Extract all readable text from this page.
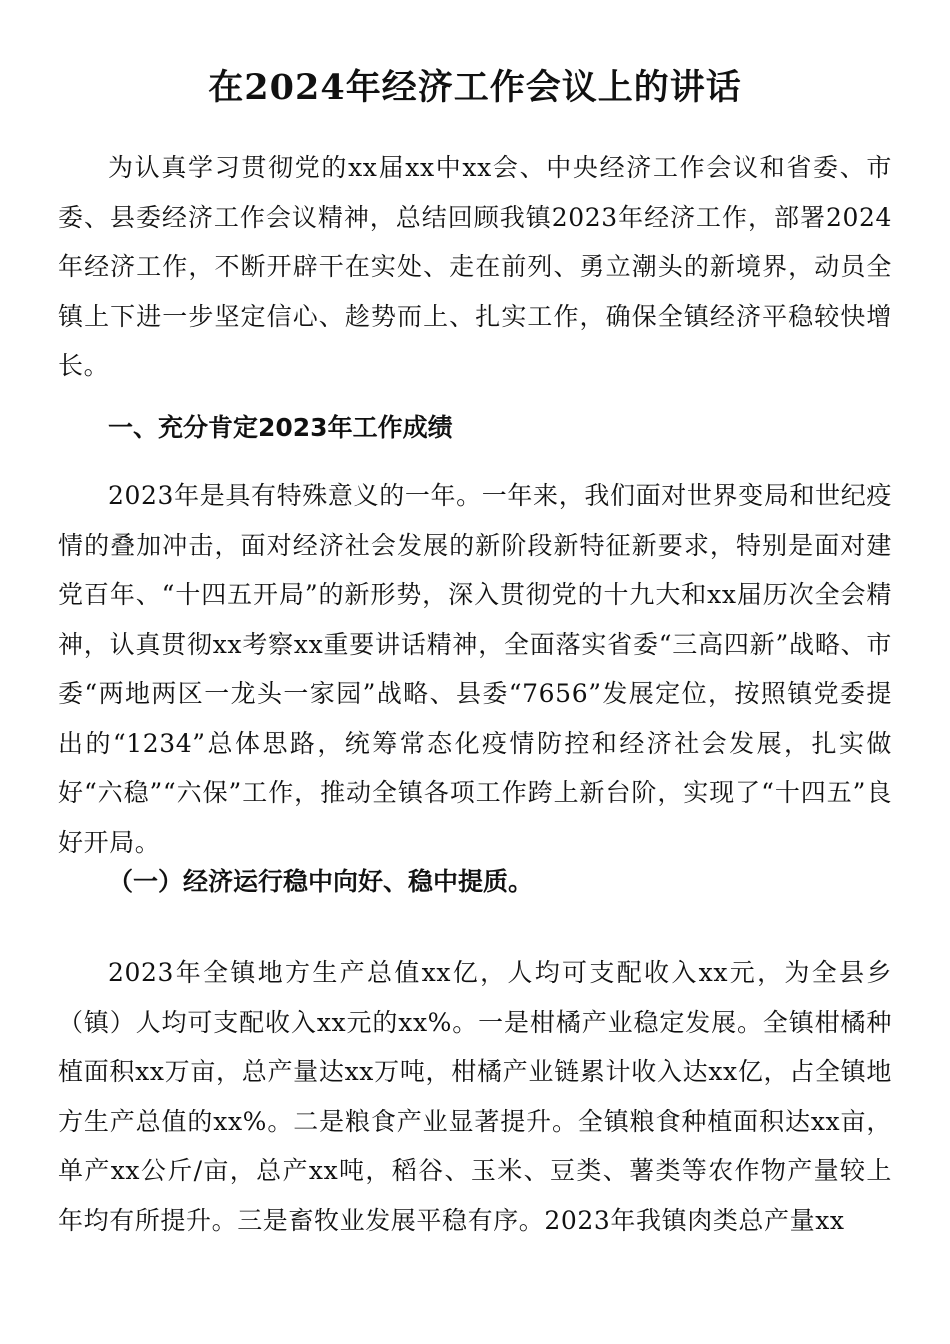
在2024年经济工作会议上的讲话

为认真学习贯彻党的xx届xx中xx会、中央经济工作会议和省委、市委、县委经济工作会议精神，总结回顾我镇2023年经济工作，部署2024年经济工作，不断开辟干在实处、走在前列、勇立潮头的新境界，动员全镇上下进一步坚定信心、趁势而上、扎实工作，确保全镇经济平稳较快增长。

一、充分肯定2023年工作成绩

2023年是具有特殊意义的一年。一年来，我们面对世界变局和世纪疫情的叠加冲击，面对经济社会发展的新阶段新特征新要求，特别是面对建党百年、“十四五开局”的新形势，深入贯彻党的十九大和xx届历次全会精神，认真贯彻xx考察xx重要讲话精神，全面落实省委“三高四新”战略、市委“两地两区一龙头一家园”战略、县委“7656”发展定位，按照镇党委提出的“1234”总体思路，统筹常态化疫情防控和经济社会发展，扎实做好“六稳”“六保”工作，推动全镇各项工作跨上新台阶，实现了“十四五”良好开局。

（一）经济运行稳中向好、稳中提质。

2023年全镇地方生产总值xx亿，人均可支配收入xx元，为全县乡（镇）人均可支配收入xx元的xx%。一是柑橘产业稳定发展。全镇柑橘种植面积xx万亩，总产量达xx万吨，柑橘产业链累计收入达xx亿，占全镇地方生产总值的xx%。二是粮食产业显著提升。全镇粮食种植面积达xx亩，单产xx公斤/亩，总产xx吨，稻谷、玉米、豆类、薯类等农作物产量较上年均有所提升。三是畜牧业发展平稳有序。2023年我镇肉类总产量xx
